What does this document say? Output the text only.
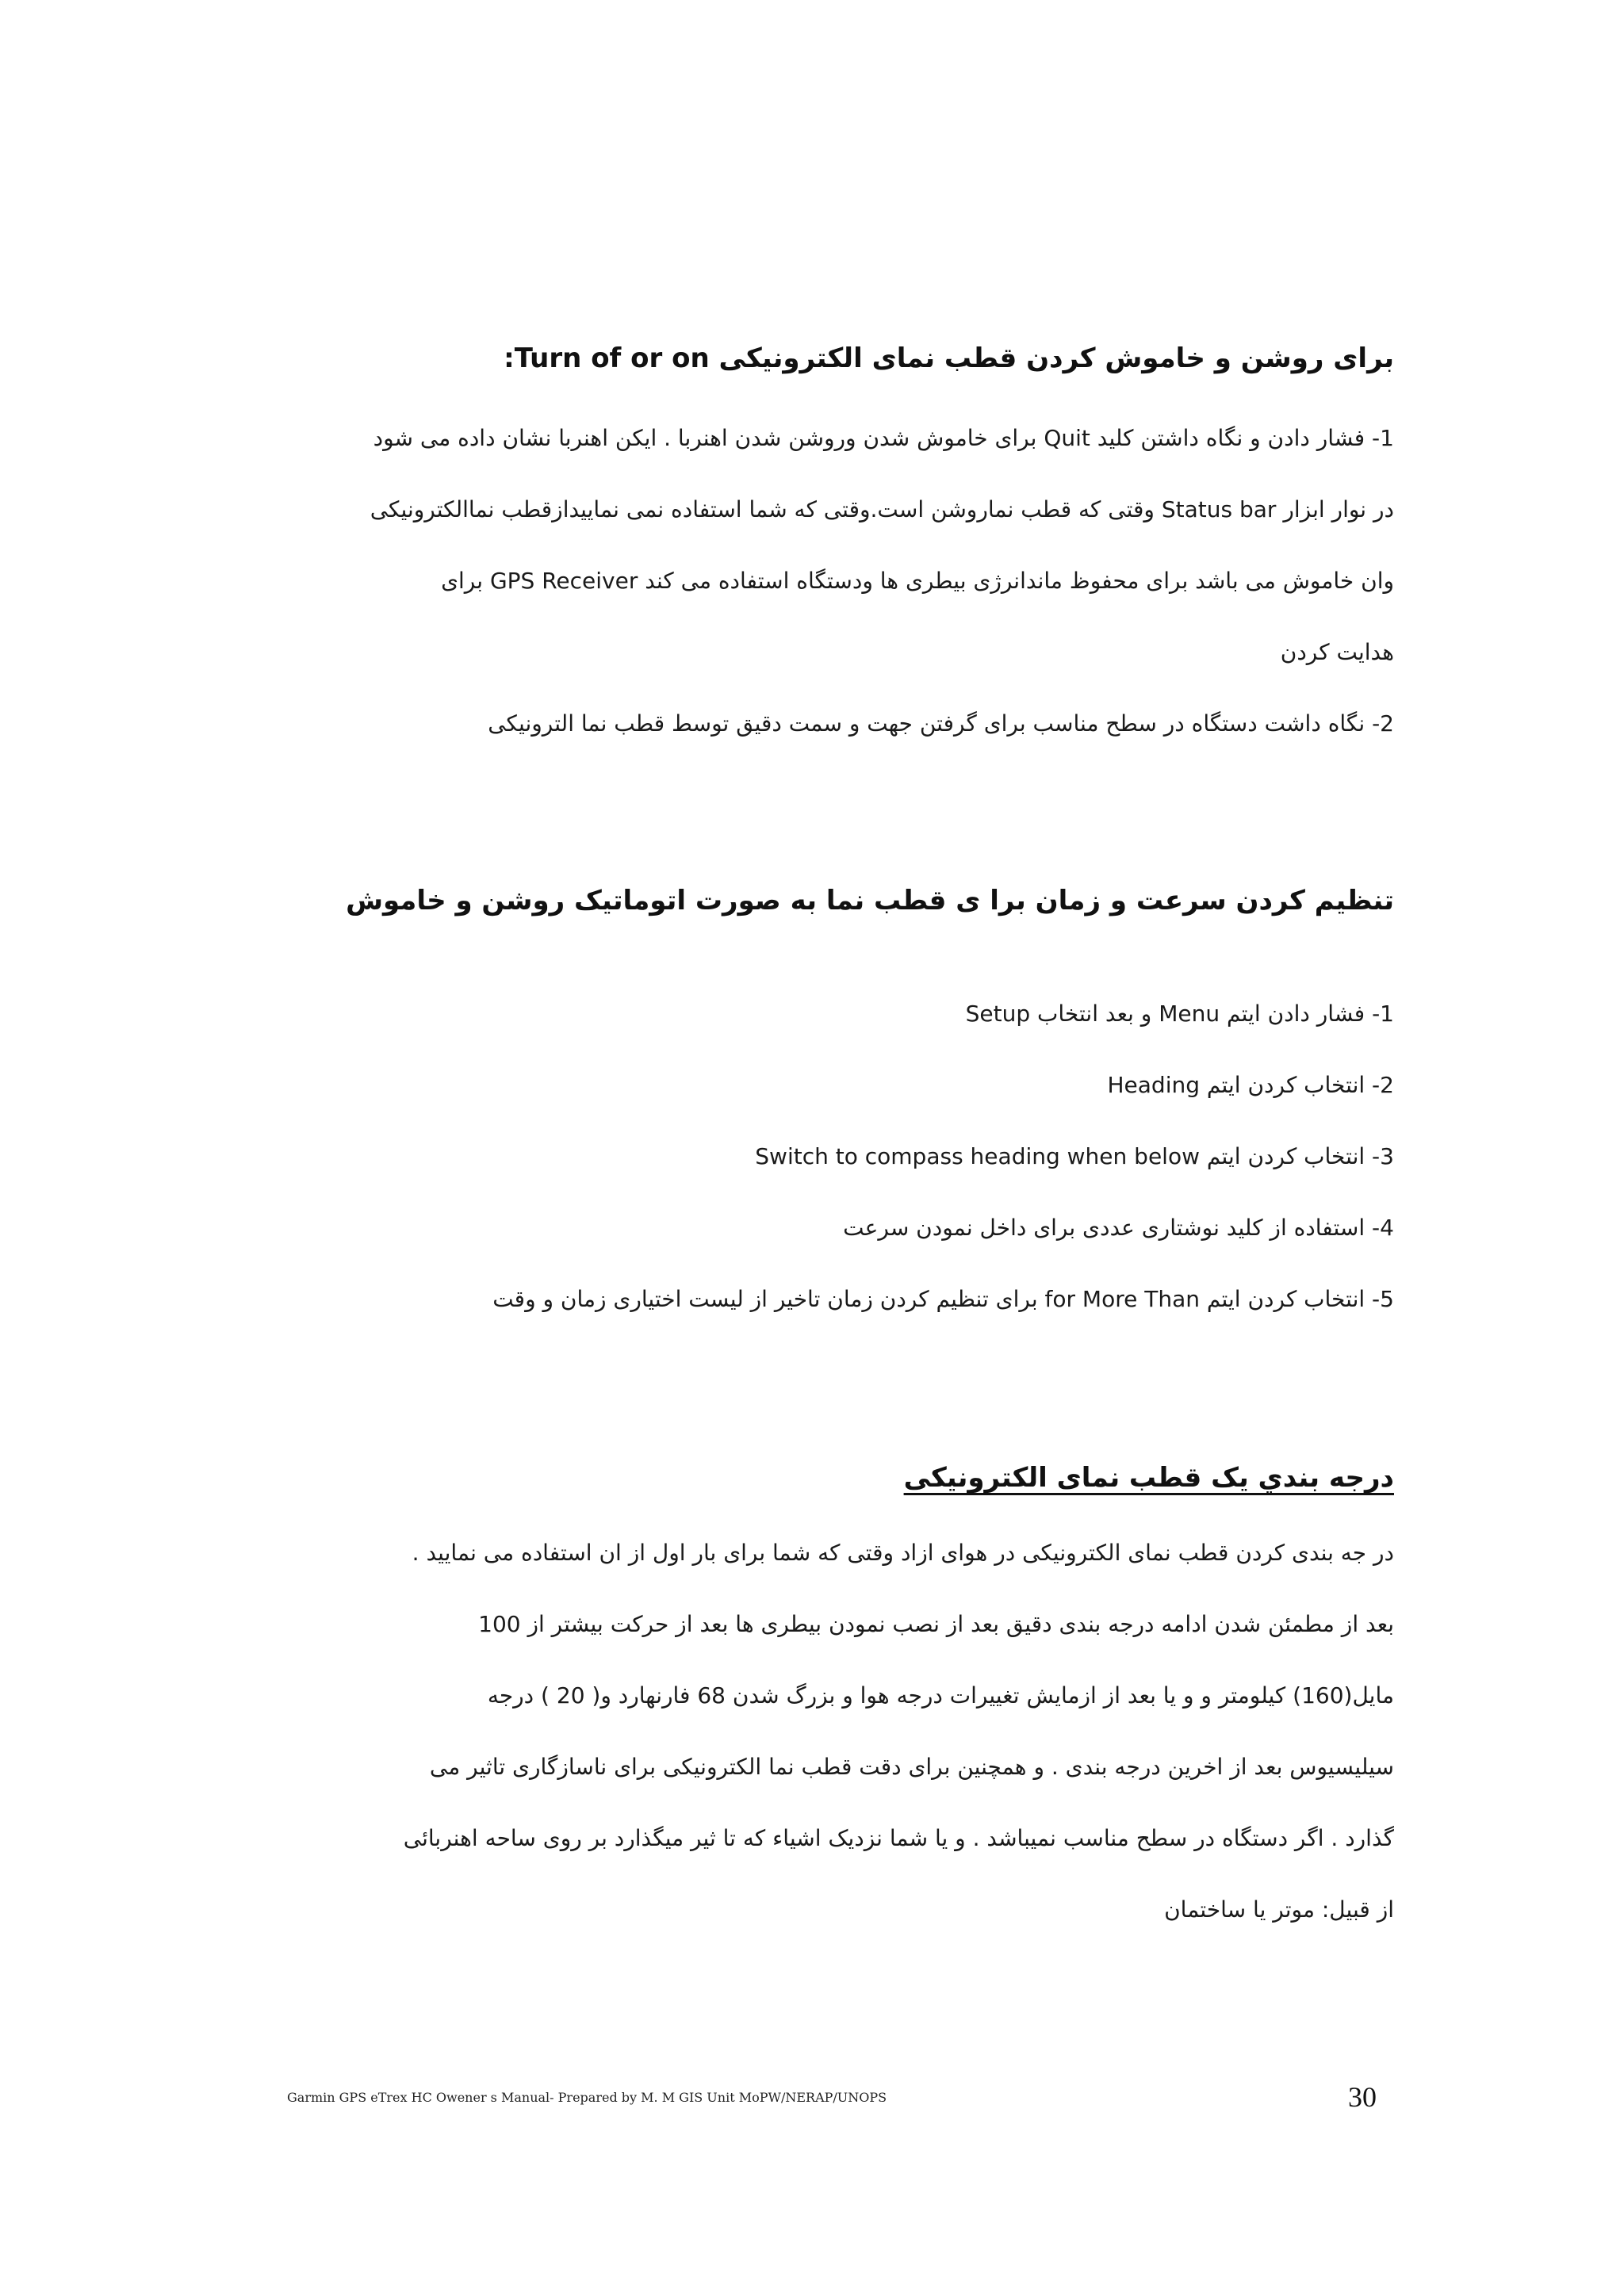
برای روشن و خاموش کردن قطب نمای الکترونیکی Turn of or on:
1- فشار دادن و نگاه داشتن کلید Quit برای خاموش شدن وروشن شدن اهنربا . ایکن اهنربا نشان داده می شود
در نوار ابزار Status bar وقتی که قطب نماروشن است.وقتی که شما استفاده نمی نماییدازقطب نماالکترونیکی
وان خاموش می باشد برای محفوظ ماندانرژی بیطری ها ودستگاه استفاده می کند GPS Receiver برای
هدایت کردن
2- نگاه داشت دستگاه در سطح مناسب برای گرفتن جهت و سمت دقیق توسط قطب نما الترونیکی
تنظیم کردن سرعت و زمان برا ی قطب نما به صورت اتوماتیک روشن و خاموش
1- فشار دادن ایتم Menu و بعد انتخاب Setup
2- انتخاب کردن ایتم Heading
3- انتخاب کردن ایتم Switch to compass heading when below
4- استفاده از کلید نوشتاری عددی برای داخل نمودن سرعت
5- انتخاب کردن ایتم for More Than برای تنظیم کردن زمان تاخیر از لیست اختیاری زمان و وقت
درجه بندي يک قطب نمای الکترونیکی
در جه بندی کردن قطب نمای الکترونیکی در هوای ازاد وقتی که شما برای بار اول از ان استفاده می نمایید .
بعد از مطمئن شدن ادامه درجه بندی دقیق بعد از نصب نمودن بیطری ها بعد از حرکت بیشتر از 100
مایل(160) کیلومتر و و یا بعد از ازمایش تغییرات درجه هوا و بزرگ شدن 68 فارنهارد و( 20 ) درجه
سیلیسیوس بعد از اخرین درجه بندی . و همچنین برای دقت قطب نما الکترونیکی برای ناسازگاری تاثیر می
گذارد . اگر دستگاه در سطح مناسب نمیباشد . و یا شما نزدیک اشیاء که تا ثیر میگذارد بر روی ساحه اهنربائی
از قبیل: موتر یا ساختمان
Garmin GPS eTrex HC Owener s Manual- Prepared by M. M GIS Unit MoPW/NERAP/UNOPS	30
